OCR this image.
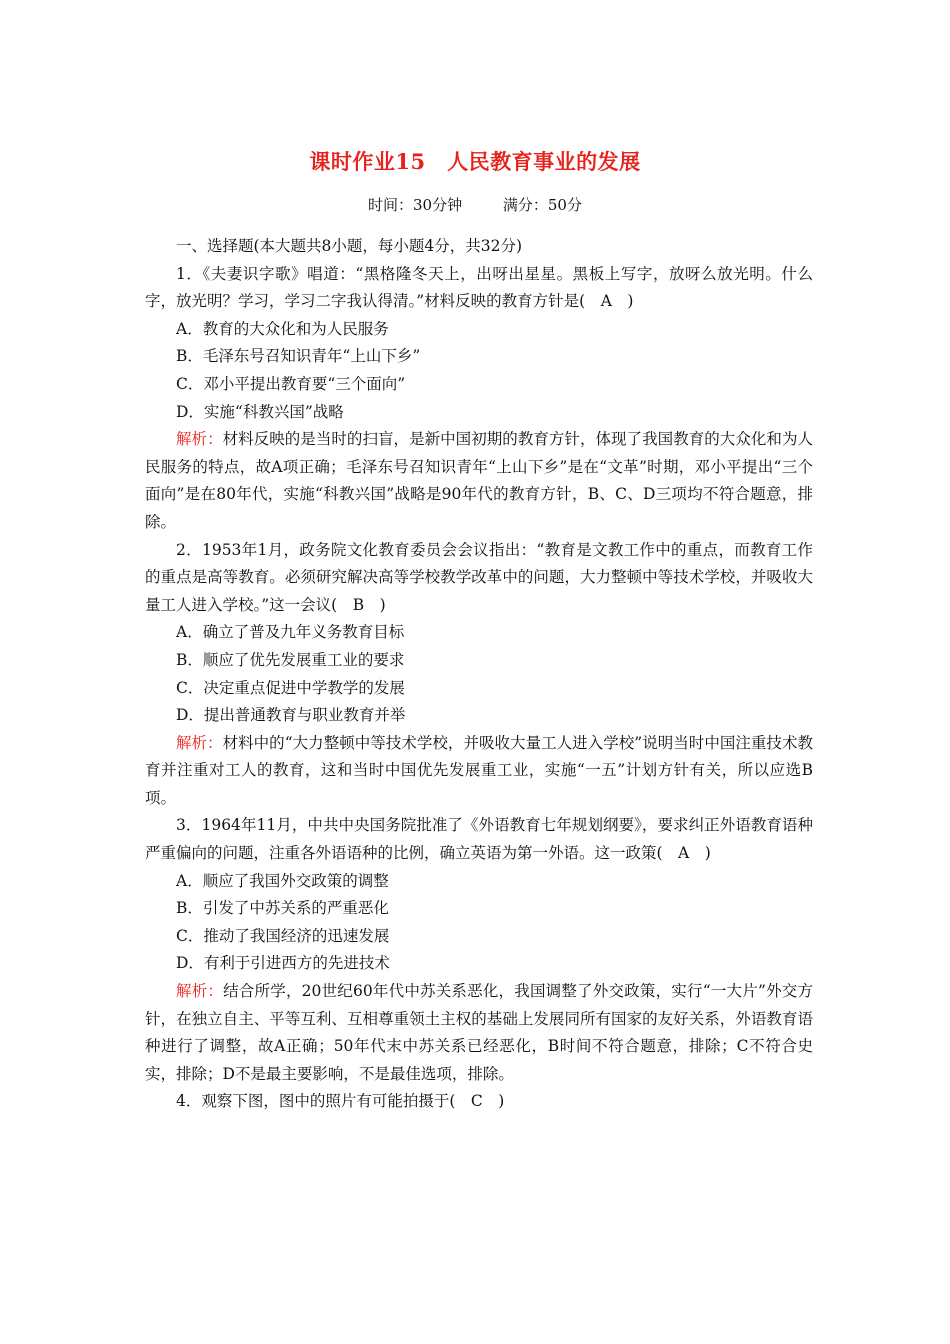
课时作业15　人民教育事业的发展
时间：30分钟	满分：50分

一、选择题(本大题共8小题，每小题4分，共32分)

1．《夫妻识字歌》唱道：“黑格隆冬天上，出呀出星星。黑板上写字，放呀么放光明。什么字，放光明？学习，学习二字我认得清。”材料反映的教育方针是(　A　)

A．教育的大众化和为人民服务

B．毛泽东号召知识青年“上山下乡”

C．邓小平提出教育要“三个面向”

D．实施“科教兴国”战略

解析：材料反映的是当时的扫盲，是新中国初期的教育方针，体现了我国教育的大众化和为人民服务的特点，故A项正确；毛泽东号召知识青年“上山下乡”是在“文革”时期，邓小平提出“三个面向”是在80年代，实施“科教兴国”战略是90年代的教育方针，B、C、D三项均不符合题意，排除。

2．1953年1月，政务院文化教育委员会会议指出：“教育是文教工作中的重点，而教育工作的重点是高等教育。必须研究解决高等学校教学改革中的问题，大力整顿中等技术学校，并吸收大量工人进入学校。”这一会议(　B　)

A．确立了普及九年义务教育目标

B．顺应了优先发展重工业的要求

C．决定重点促进中学教学的发展

D．提出普通教育与职业教育并举

解析：材料中的“大力整顿中等技术学校，并吸收大量工人进入学校”说明当时中国注重技术教育并注重对工人的教育，这和当时中国优先发展重工业，实施“一五”计划方针有关，所以应选B项。

3．1964年11月，中共中央国务院批准了《外语教育七年规划纲要》，要求纠正外语教育语种严重偏向的问题，注重各外语语种的比例，确立英语为第一外语。这一政策(　A　)

A．顺应了我国外交政策的调整

B．引发了中苏关系的严重恶化

C．推动了我国经济的迅速发展

D．有利于引进西方的先进技术

解析：结合所学，20世纪60年代中苏关系恶化，我国调整了外交政策，实行“一大片”外交方针，在独立自主、平等互利、互相尊重领土主权的基础上发展同所有国家的友好关系，外语教育语种进行了调整，故A正确；50年代末中苏关系已经恶化，B时间不符合题意，排除；C不符合史实，排除；D不是最主要影响，不是最佳选项，排除。

4．观察下图，图中的照片有可能拍摄于(　C　)
